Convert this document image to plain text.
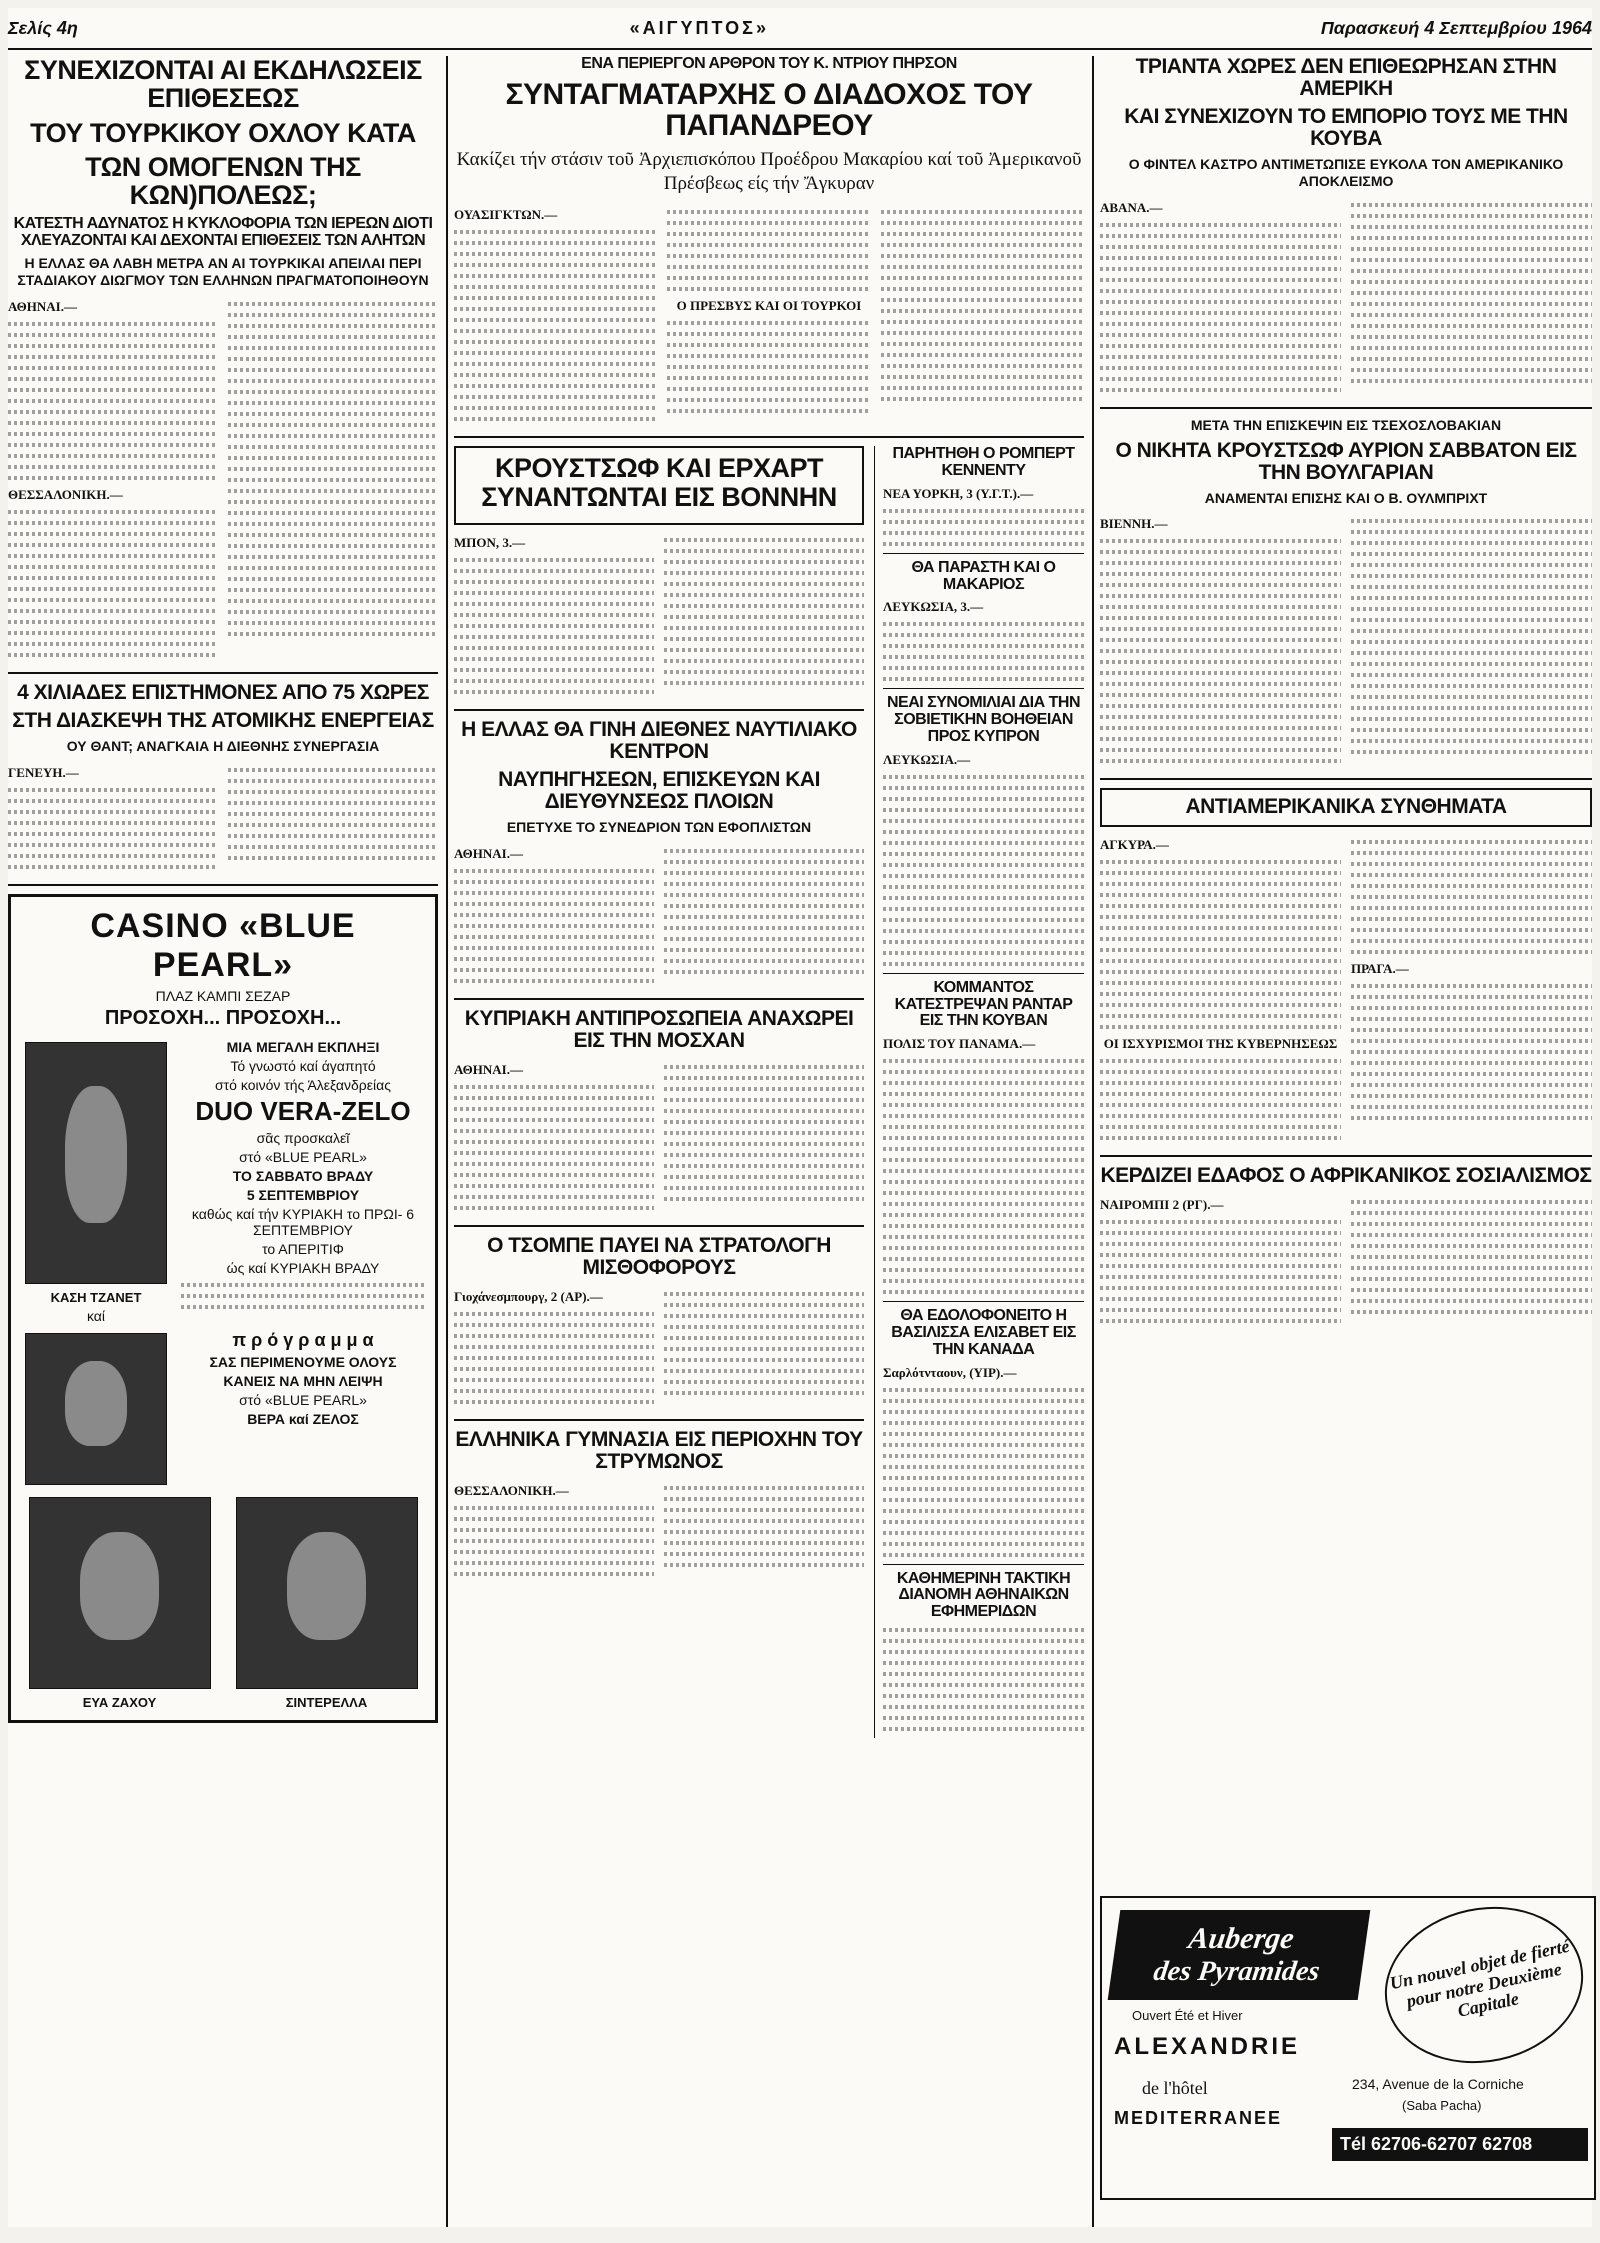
Σελίς 4η	«ΑΙΓΥΠΤΟΣ»	Παρασκευή 4 Σεπτεμβρίου 1964
ΣΥΝΕΧΙΖΟΝΤΑΙ ΑΙ ΕΚΔΗΛΩΣΕΙΣ ΕΠΙΘΕΣΕΩΣ
ΤΟΥ ΤΟΥΡΚΙΚΟΥ ΟΧΛΟΥ ΚΑΤΑ
ΤΩΝ ΟΜΟΓΕΝΩΝ ΤΗΣ ΚΩΝ)ΠΟΛΕΩΣ;
ΚΑΤΕΣΤΗ ΑΔΥΝΑΤΟΣ Η ΚΥΚΛΟΦΟΡΙΑ ΤΩΝ ΙΕΡΕΩΝ ΔΙΟΤΙ ΧΛΕΥΑΖΟΝΤΑΙ ΚΑΙ ΔΕΧΟΝΤΑΙ ΕΠΙΘΕΣΕΙΣ ΤΩΝ ΑΛΗΤΩΝ
Η ΕΛΛΑΣ ΘΑ ΛΑΒΗ ΜΕΤΡΑ ΑΝ ΑΙ ΤΟΥΡΚΙΚΑΙ ΑΠΕΙΛΑΙ ΠΕΡΙ ΣΤΑΔΙΑΚΟΥ ΔΙΩΓΜΟΥ ΤΩΝ ΕΛΛΗΝΩΝ ΠΡΑΓΜΑΤΟΠΟΙΗΘΟΥΝ
ΑΘΗΝΑΙ.—
ΘΕΣΣΑΛΟΝΙΚΗ.—
4 ΧΙΛΙΑΔΕΣ ΕΠΙΣΤΗΜΟΝΕΣ ΑΠΟ 75 ΧΩΡΕΣ
ΣΤΗ ΔΙΑΣΚΕΨΗ ΤΗΣ ΑΤΟΜΙΚΗΣ ΕΝΕΡΓΕΙΑΣ
ΟΥ ΘΑΝΤ; ΑΝΑΓΚΑΙΑ Η ΔΙΕΘΝΗΣ ΣΥΝΕΡΓΑΣΙΑ
ΓΕΝΕΥΗ.—
CASINO «BLUE PEARL»
ΠΛΑΖ ΚΑΜΠΙ ΣΕΖΑΡ
ΠΡΟΣΟΧΗ... ΠΡΟΣΟΧΗ...
ΚΑΣΗ ΤΖΑΝΕΤ
καί
ΜΙΑ ΜΕΓΑΛΗ ΕΚΠΛΗΞΙ
Τό γνωστό καί άγαπητό
στό κοινόν τής Άλεξανδρείας
DUO VERA-ZELO
σᾶς προσκαλεῖ
στό «BLUE PEARL»
ΤΟ ΣΑΒΒΑΤΟ ΒΡΑΔΥ
5 ΣΕΠΤΕΜΒΡΙΟΥ
καθώς καί τήν ΚΥΡΙΑΚΗ το ΠΡΩΙ- 6 ΣΕΠΤΕΜΒΡΙΟΥ
το ΑΠΕΡΙΤΙΦ
ώς καί ΚΥΡΙΑΚΗ ΒΡΑΔΥ
π ρ ό γ ρ α μ μ α
ΣΑΣ ΠΕΡΙΜΕΝΟΥΜΕ ΟΛΟΥΣ
ΚΑΝΕΙΣ ΝΑ ΜΗΝ ΛΕΙΨΗ
στό «BLUE PEARL»
ΒΕΡΑ καί ΖΕΛΟΣ
ΕΥΑ ΖΑΧΟΥ	ΣΙΝΤΕΡΕΛΛΑ
ΕΝΑ ΠΕΡΙΕΡΓΟΝ ΑΡΘΡΟΝ ΤΟΥ Κ. ΝΤΡΙΟΥ ΠΗΡΣΟΝ
ΣΥΝΤΑΓΜΑΤΑΡΧΗΣ Ο ΔΙΑΔΟΧΟΣ ΤΟΥ ΠΑΠΑΝΔΡΕΟΥ
Κακίζει τήν στάσιν τοῦ Ἀρχιεπισκόπου Προέδρου Μακαρίου καί τοῦ Ἀμερικανοῦ Πρέσβεως είς τήν Ἄγκυραν
ΟΥΑΣΙΓΚΤΩΝ.—
Ο ΠΡΕΣΒΥΣ ΚΑΙ ΟΙ ΤΟΥΡΚΟΙ
ΚΡΟΥΣΤΣΩΦ ΚΑΙ ΕΡΧΑΡΤ ΣΥΝΑΝΤΩΝΤΑΙ ΕΙΣ ΒΟΝΝΗΝ
ΜΠΟΝ, 3.—
Η ΕΛΛΑΣ ΘΑ ΓΙΝΗ ΔΙΕΘΝΕΣ ΝΑΥΤΙΛΙΑΚΟ ΚΕΝΤΡΟΝ
ΝΑΥΠΗΓΗΣΕΩΝ, ΕΠΙΣΚΕΥΩΝ ΚΑΙ ΔΙΕΥΘΥΝΣΕΩΣ ΠΛΟΙΩΝ
ΕΠΕΤΥΧΕ ΤΟ ΣΥΝΕΔΡΙΟΝ ΤΩΝ ΕΦΟΠΛΙΣΤΩΝ
ΑΘΗΝΑΙ.—
ΚΥΠΡΙΑΚΗ ΑΝΤΙΠΡΟΣΩΠΕΙΑ ΑΝΑΧΩΡΕΙ ΕΙΣ ΤΗΝ ΜΟΣΧΑΝ
ΑΘΗΝΑΙ.—
Ο ΤΣΟΜΠΕ ΠΑΥΕΙ ΝΑ ΣΤΡΑΤΟΛΟΓΗ ΜΙΣΘΟΦΟΡΟΥΣ
Γιοχάνεσμπουργ, 2 (ΑΡ).—
ΕΛΛΗΝΙΚΑ ΓΥΜΝΑΣΙΑ ΕΙΣ ΠΕΡΙΟΧΗΝ ΤΟΥ ΣΤΡΥΜΩΝΟΣ
ΘΕΣΣΑΛΟΝΙΚΗ.—
ΠΑΡΗΤΗΘΗ Ο ΡΟΜΠΕΡΤ ΚΕΝΝΕΝΤΥ
ΝΕΑ ΥΟΡΚΗ, 3 (Υ.Γ.Τ.).—
ΘΑ ΠΑΡΑΣΤΗ ΚΑΙ Ο ΜΑΚΑΡΙΟΣ
ΛΕΥΚΩΣΙΑ, 3.—
ΝΕΑΙ ΣΥΝΟΜΙΛΙΑΙ ΔΙΑ ΤΗΝ ΣΟΒΙΕΤΙΚΗΝ ΒΟΗΘΕΙΑΝ ΠΡΟΣ ΚΥΠΡΟΝ
ΛΕΥΚΩΣΙΑ.—
ΚΟΜΜΑΝΤΟΣ ΚΑΤΕΣΤΡΕΨΑΝ ΡΑΝΤΑΡ ΕΙΣ ΤΗΝ ΚΟΥΒΑΝ
ΠΟΛΙΣ ΤΟΥ ΠΑΝΑΜΑ.—
ΘΑ ΕΔΟΛΟΦΟΝΕΙΤΟ Η ΒΑΣΙΛΙΣΣΑ ΕΛΙΣΑΒΕΤ ΕΙΣ ΤΗΝ ΚΑΝΑΔΑ
Σαρλότνταουν, (ΥΙΡ).—
ΚΑΘΗΜΕΡΙΝΗ ΤΑΚΤΙΚΗ ΔΙΑΝΟΜΗ ΑΘΗΝΑΙΚΩΝ ΕΦΗΜΕΡΙΔΩΝ
ΤΡΙΑΝΤΑ ΧΩΡΕΣ ΔΕΝ ΕΠΙΘΕΩΡΗΣΑΝ ΣΤΗΝ ΑΜΕΡΙΚΗ
ΚΑΙ ΣΥΝΕΧΙΖΟΥΝ ΤΟ ΕΜΠΟΡΙΟ ΤΟΥΣ ΜΕ ΤΗΝ ΚΟΥΒΑ
Ο ΦΙΝΤΕΛ ΚΑΣΤΡΟ ΑΝΤΙΜΕΤΩΠΙΣΕ ΕΥΚΟΛΑ ΤΟΝ ΑΜΕΡΙΚΑΝΙΚΟ ΑΠΟΚΛΕΙΣΜΟ
ΑΒΑΝΑ.—
ΜΕΤΑ ΤΗΝ ΕΠΙΣΚΕΨΙΝ ΕΙΣ ΤΣΕΧΟΣΛΟΒΑΚΙΑΝ
Ο ΝΙΚΗΤΑ ΚΡΟΥΣΤΣΩΦ ΑΥΡΙΟΝ ΣΑΒΒΑΤΟΝ ΕΙΣ ΤΗΝ ΒΟΥΛΓΑΡΙΑΝ
ΑΝΑΜΕΝΤΑΙ ΕΠΙΣΗΣ ΚΑΙ Ο Β. ΟΥΛΜΠΡΙΧΤ
ΒΙΕΝΝΗ.—
ΑΝΤΙΑΜΕΡΙΚΑΝΙΚΑ ΣΥΝΘΗΜΑΤΑ
ΑΓΚΥΡΑ.—
ΟΙ ΙΣΧΥΡΙΣΜΟΙ ΤΗΣ ΚΥΒΕΡΝΗΣΕΩΣ
ΠΡΑΓΑ.—
ΚΕΡΔΙΖΕΙ ΕΔΑΦΟΣ Ο ΑΦΡΙΚΑΝΙΚΟΣ ΣΟΣΙΑΛΙΣΜΟΣ
ΝΑΙΡΟΜΠΙ 2 (ΡΓ).—
Auberge
des Pyramides	Un nouvel objet de fierté pour notre Deuxième Capitale
Ouvert Été et Hiver
ALEXANDRIE
de l'hôtel
MEDITERRANEE
234, Avenue de la Corniche
(Saba Pacha)
Tél 62706-62707 62708
